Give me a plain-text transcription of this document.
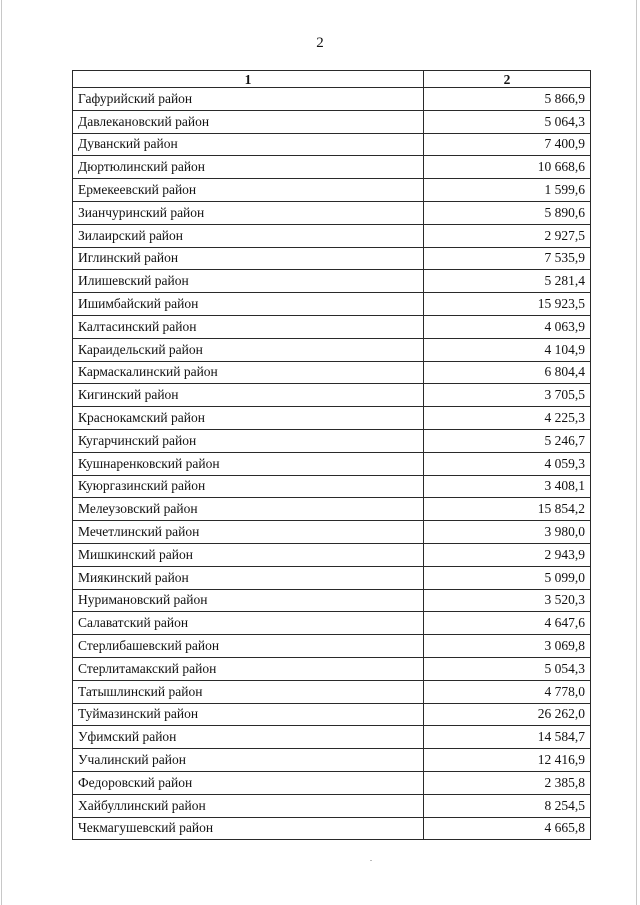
2
1	2
Гафурийский район	5 866,9
Давлекановский район	5 064,3
Дуванский район	7 400,9
Дюртюлинский район	10 668,6
Ермекеевский район	1 599,6
Зианчуринский район	5 890,6
Зилаирский район	2 927,5
Иглинский район	7 535,9
Илишевский район	5 281,4
Ишимбайский район	15 923,5
Калтасинский район	4 063,9
Караидельский район	4 104,9
Кармаскалинский район	6 804,4
Кигинский район	3 705,5
Краснокамский район	4 225,3
Кугарчинский район	5 246,7
Кушнаренковский район	4 059,3
Куюргазинский район	3 408,1
Мелеузовский район	15 854,2
Мечетлинский район	3 980,0
Мишкинский район	2 943,9
Миякинский район	5 099,0
Нуримановский район	3 520,3
Салаватский район	4 647,6
Стерлибашевский район	3 069,8
Стерлитамакский район	5 054,3
Татышлинский район	4 778,0
Туймазинский район	26 262,0
Уфимский район	14 584,7
Учалинский район	12 416,9
Федоровский район	2 385,8
Хайбуллинский район	8 254,5
Чекмагушевский район	4 665,8
